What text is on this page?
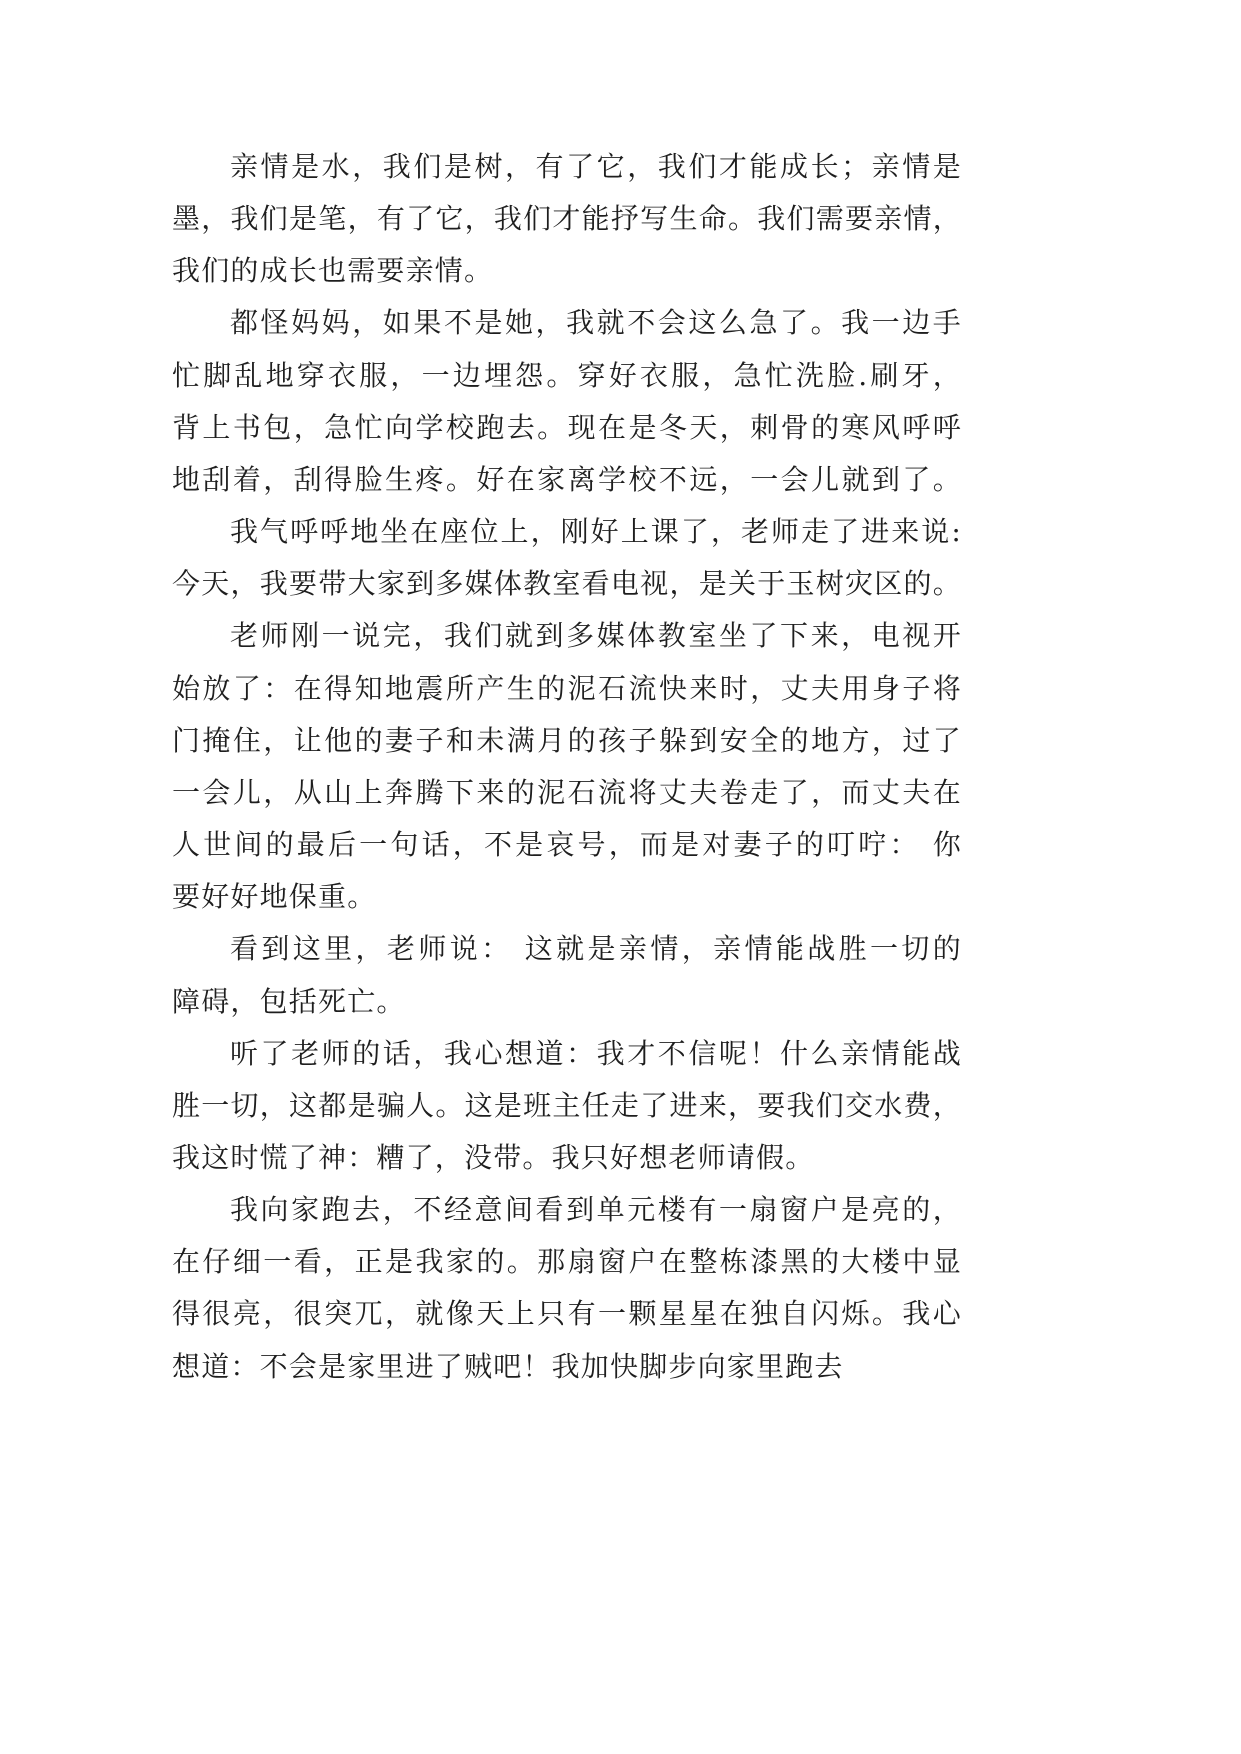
亲情是水，我们是树，有了它，我们才能成长；亲情是
墨，我们是笔，有了它，我们才能抒写生命。我们需要亲情，
我们的成长也需要亲情。
都怪妈妈，如果不是她，我就不会这么急了。我一边手
忙脚乱地穿衣服，一边埋怨。穿好衣服，急忙洗脸.刷牙，
背上书包，急忙向学校跑去。现在是冬天，刺骨的寒风呼呼
地刮着，刮得脸生疼。好在家离学校不远，一会儿就到了。
我气呼呼地坐在座位上，刚好上课了，老师走了进来说:
今天，我要带大家到多媒体教室看电视，是关于玉树灾区的。
老师刚一说完，我们就到多媒体教室坐了下来，电视开
始放了：在得知地震所产生的泥石流快来时，丈夫用身子将
门掩住，让他的妻子和未满月的孩子躲到安全的地方，过了
一会儿，从山上奔腾下来的泥石流将丈夫卷走了，而丈夫在
人世间的最后一句话，不是哀号，而是对妻子的叮咛： 你
要好好地保重。
看到这里，老师说： 这就是亲情，亲情能战胜一切的
障碍，包括死亡。
听了老师的话，我心想道：我才不信呢！什么亲情能战
胜一切，这都是骗人。这是班主任走了进来，要我们交水费，
我这时慌了神：糟了，没带。我只好想老师请假。
我向家跑去，不经意间看到单元楼有一扇窗户是亮的，
在仔细一看，正是我家的。那扇窗户在整栋漆黑的大楼中显
得很亮，很突兀，就像天上只有一颗星星在独自闪烁。我心
想道：不会是家里进了贼吧！我加快脚步向家里跑去
